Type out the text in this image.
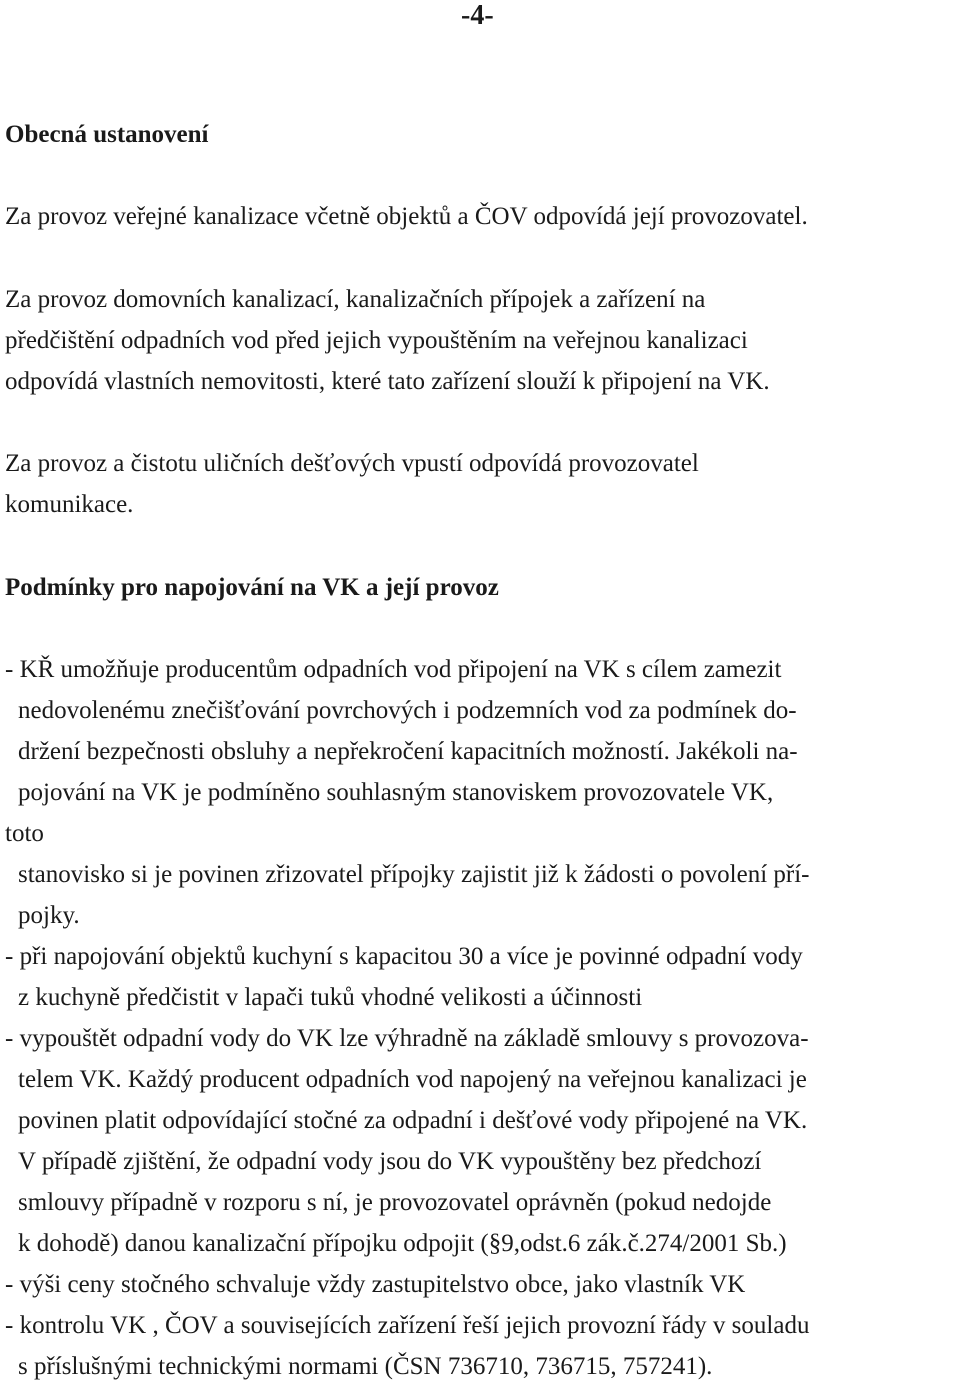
-4-
Obecná ustanovení
Za provoz veřejné kanalizace včetně objektů a ČOV odpovídá její provozovatel.
Za provoz domovních kanalizací, kanalizačních přípojek a zařízení na
předčištění odpadních vod před jejich vypouštěním na veřejnou kanalizaci
odpovídá vlastních nemovitosti, které tato zařízení slouží k připojení na VK.
Za provoz a čistotu uličních dešťových vpustí odpovídá provozovatel
komunikace.
Podmínky pro napojování na VK a její provoz
- KŘ umožňuje producentům odpadních vod připojení na VK s cílem zamezit
nedovolenému znečišťování povrchových i podzemních vod za podmínek do-
držení bezpečnosti obsluhy a nepřekročení kapacitních možností. Jakékoli na-
pojování na VK je podmíněno souhlasným stanoviskem provozovatele VK,
toto
stanovisko si je povinen zřizovatel přípojky zajistit již k žádosti o povolení pří-
pojky.
- při napojování objektů kuchyní s kapacitou 30 a více je povinné odpadní vody
z kuchyně předčistit v lapači tuků vhodné velikosti a účinnosti
- vypouštět odpadní vody do VK lze výhradně na základě smlouvy s provozova-
telem VK. Každý producent odpadních vod napojený na veřejnou kanalizaci je
povinen platit odpovídající stočné za odpadní i dešťové vody připojené na VK.
V případě zjištění, že odpadní vody jsou do VK vypouštěny bez předchozí
smlouvy případně v rozporu s ní, je provozovatel oprávněn (pokud nedojde
k dohodě) danou kanalizační přípojku odpojit (§9,odst.6 zák.č.274/2001 Sb.)
- výši ceny stočného schvaluje vždy zastupitelstvo obce, jako vlastník VK
- kontrolu VK , ČOV a souvisejících zařízení řeší jejich provozní řády v souladu
s příslušnými technickými normami (ČSN 736710, 736715, 757241).
